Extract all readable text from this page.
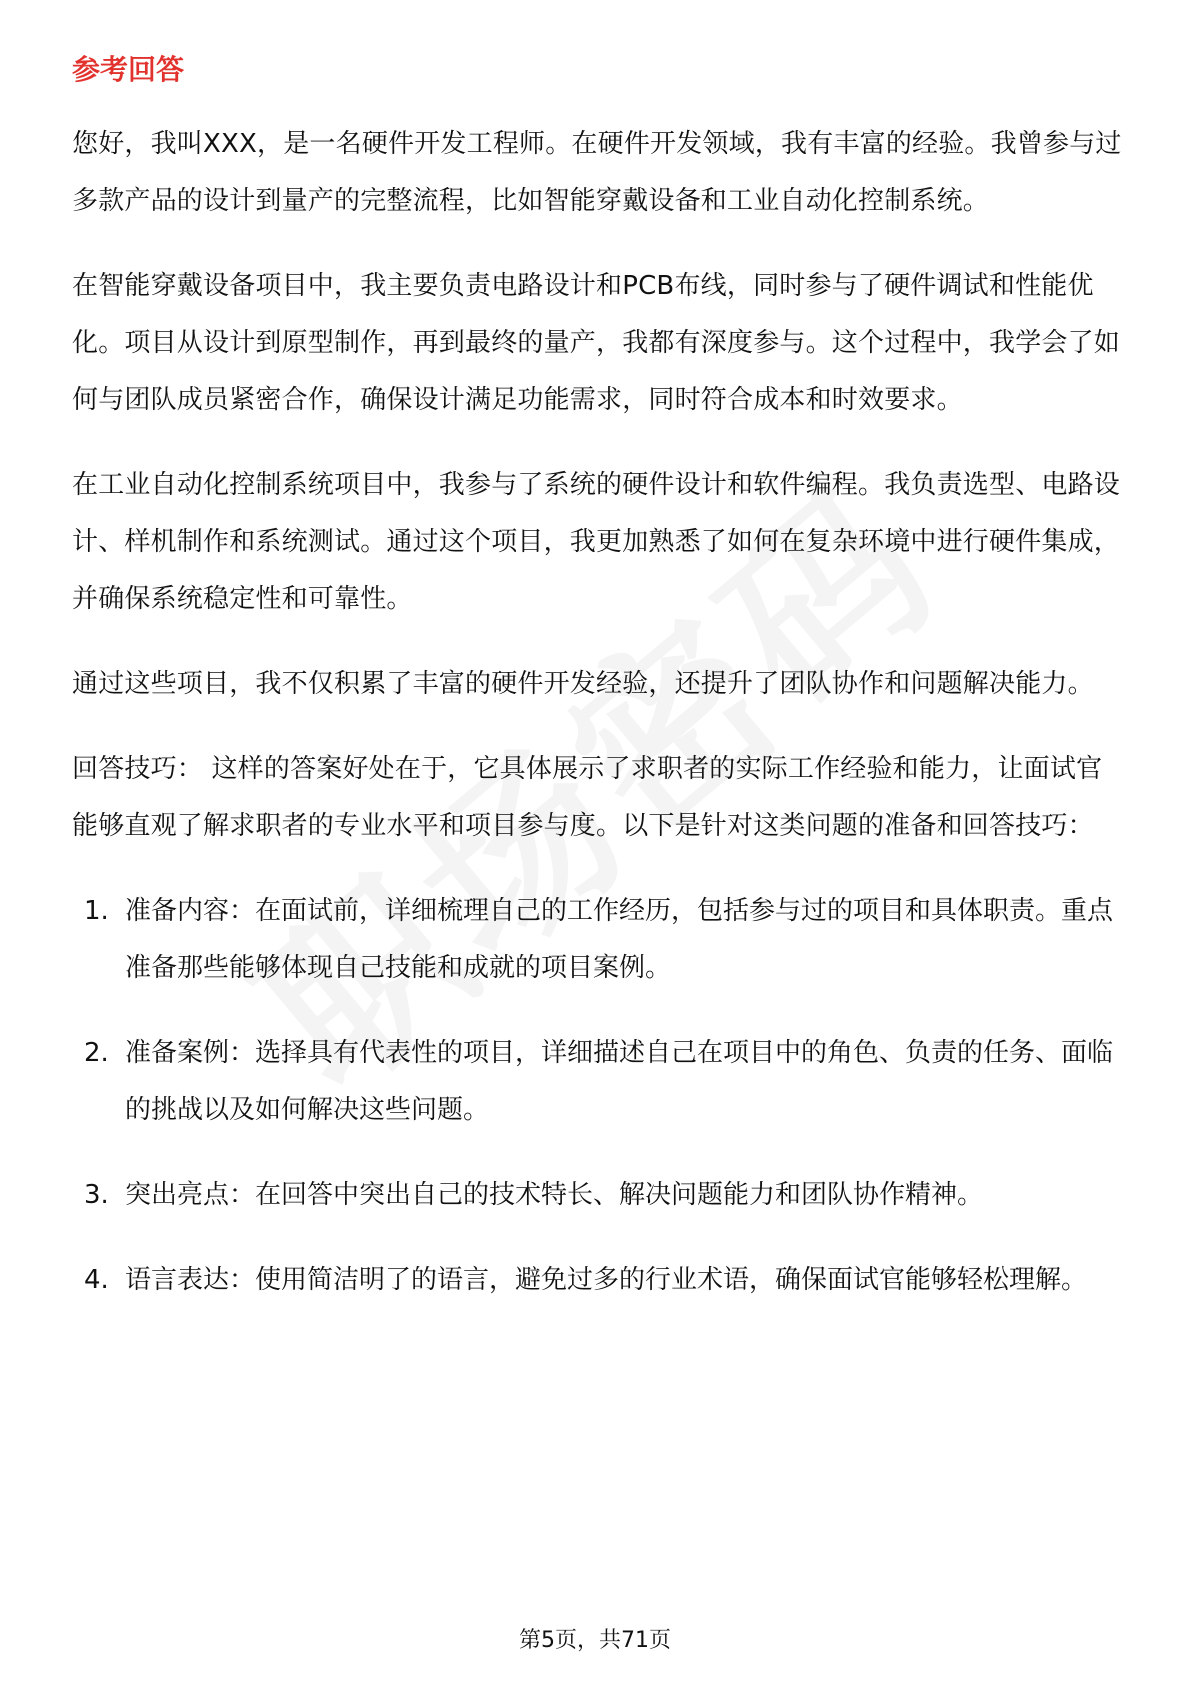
参考回答

您好，我叫XXX，是一名硬件开发工程师。在硬件开发领域，我有丰富的经验。我曾参与过多款产品的设计到量产的完整流程，比如智能穿戴设备和工业自动化控制系统。

在智能穿戴设备项目中，我主要负责电路设计和PCB布线，同时参与了硬件调试和性能优化。项目从设计到原型制作，再到最终的量产，我都有深度参与。这个过程中，我学会了如何与团队成员紧密合作，确保设计满足功能需求，同时符合成本和时效要求。

在工业自动化控制系统项目中，我参与了系统的硬件设计和软件编程。我负责选型、电路设计、样机制作和系统测试。通过这个项目，我更加熟悉了如何在复杂环境中进行硬件集成，并确保系统稳定性和可靠性。

通过这些项目，我不仅积累了丰富的硬件开发经验，还提升了团队协作和问题解决能力。

回答技巧： 这样的答案好处在于，它具体展示了求职者的实际工作经验和能力，让面试官能够直观了解求职者的专业水平和项目参与度。以下是针对这类问题的准备和回答技巧：

1. 准备内容：在面试前，详细梳理自己的工作经历，包括参与过的项目和具体职责。重点准备那些能够体现自己技能和成就的项目案例。
2. 准备案例：选择具有代表性的项目，详细描述自己在项目中的角色、负责的任务、面临的挑战以及如何解决这些问题。
3. 突出亮点：在回答中突出自己的技术特长、解决问题能力和团队协作精神。
4. 语言表达：使用简洁明了的语言，避免过多的行业术语，确保面试官能够轻松理解。
第5页，共71页
